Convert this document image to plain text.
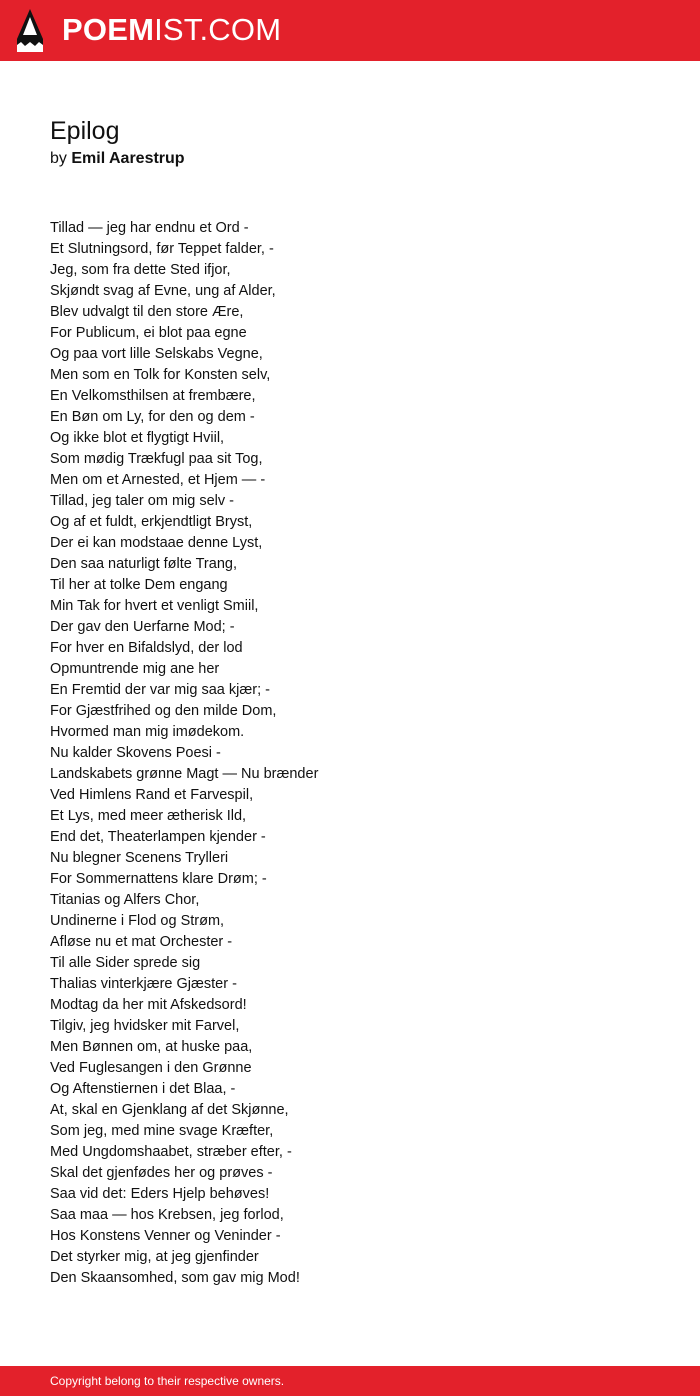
POEMIST.COM
Epilog
by Emil Aarestrup
Tillad — jeg har endnu et Ord -
Et Slutningsord, før Teppet falder, -
Jeg, som fra dette Sted ifjor,
Skjøndt svag af Evne, ung af Alder,
Blev udvalgt til den store Ære,
For Publicum, ei blot paa egne
Og paa vort lille Selskabs Vegne,
Men som en Tolk for Konsten selv,
En Velkomsthilsen at frembære,
En Bøn om Ly, for den og dem -
Og ikke blot et flygtigt Hviil,
Som mødig Trækfugl paa sit Tog,
Men om et Arnested, et Hjem — -
Tillad, jeg taler om mig selv -
Og af et fuldt, erkjendtligt Bryst,
Der ei kan modstaae denne Lyst,
Den saa naturligt følte Trang,
Til her at tolke Dem engang
Min Tak for hvert et venligt Smiil,
Der gav den Uerfarne Mod; -
For hver en Bifaldslyd, der lod
Opmuntrende mig ane her
En Fremtid der var mig saa kjær; -
For Gjæstfrihed og den milde Dom,
Hvormed man mig imødekom.
Nu kalder Skovens Poesi -
Landskabets grønne Magt — Nu brænder
Ved Himlens Rand et Farvespil,
Et Lys, med meer ætherisk Ild,
End det, Theaterlampen kjender -
Nu blegner Scenens Trylleri
For Sommernattens klare Drøm; -
Titanias og Alfers Chor,
Undinerne i Flod og Strøm,
Afløse nu et mat Orchester -
Til alle Sider sprede sig
Thalias vinterkjære Gjæster -
Modtag da her mit Afskedsord!
Tilgiv, jeg hvidsker mit Farvel,
Men Bønnen om, at huske paa,
Ved Fuglesangen i den Grønne
Og Aftenstiernen i det Blaa, -
At, skal en Gjenklang af det Skjønne,
Som jeg, med mine svage Kræfter,
Med Ungdomshaabet, stræber efter, -
Skal det gjenfødes her og prøves -
Saa vid det: Eders Hjelp behøves!
Saa maa — hos Krebsen, jeg forlod,
Hos Konstens Venner og Veninder -
Det styrker mig, at jeg gjenfinder
Den Skaansomhed, som gav mig Mod!
Copyright belong to their respective owners.
